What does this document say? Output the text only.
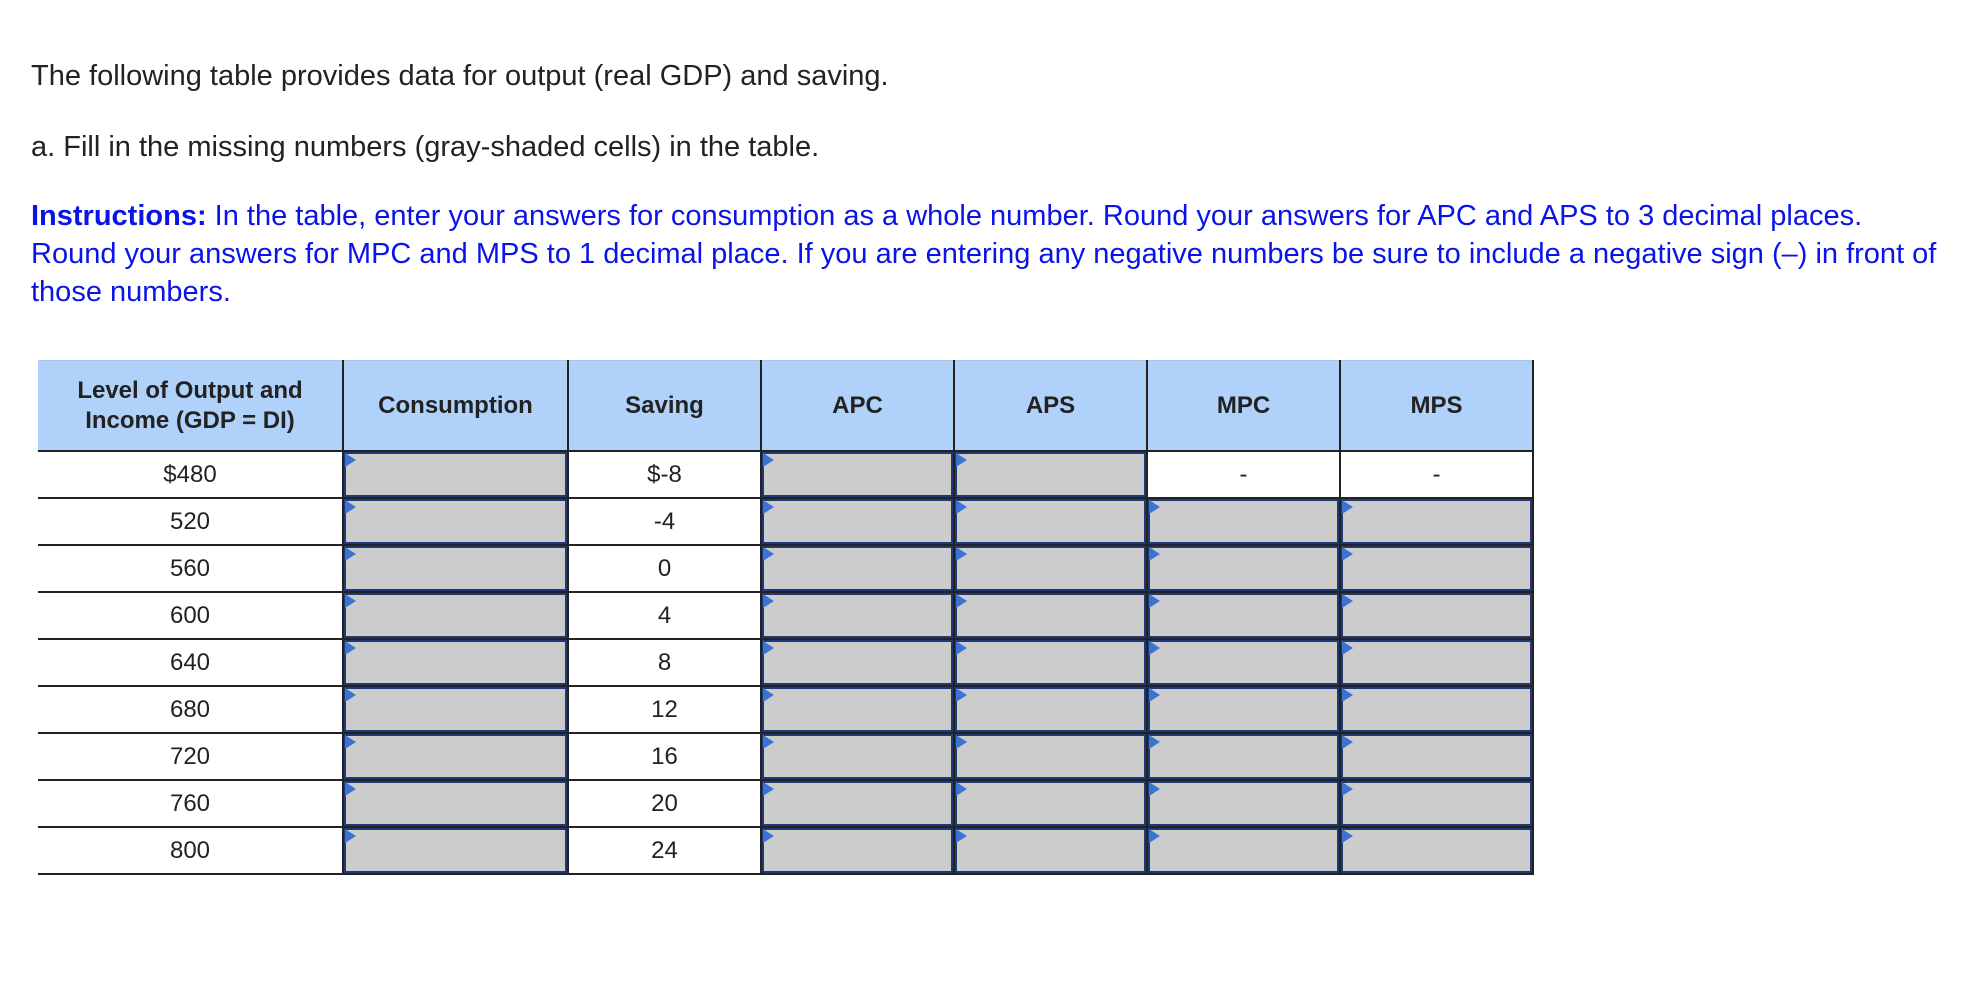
The following table provides data for output (real GDP) and saving.

a. Fill in the missing numbers (gray-shaded cells) in the table.

Instructions: In the table, enter your answers for consumption as a whole number. Round your answers for APC and APS to 3 decimal places. Round your answers for MPC and MPS to 1 decimal place. If you are entering any negative numbers be sure to include a negative sign (–) in front of those numbers.
Level of Output and Income (GDP = DI)	Consumption	Saving	APC	APS	MPC	MPS
$480		$-8			-	-
520		-4	

560		0	

600		4	

640		8	

680		12	

720		16	

760		20	

800		24	
